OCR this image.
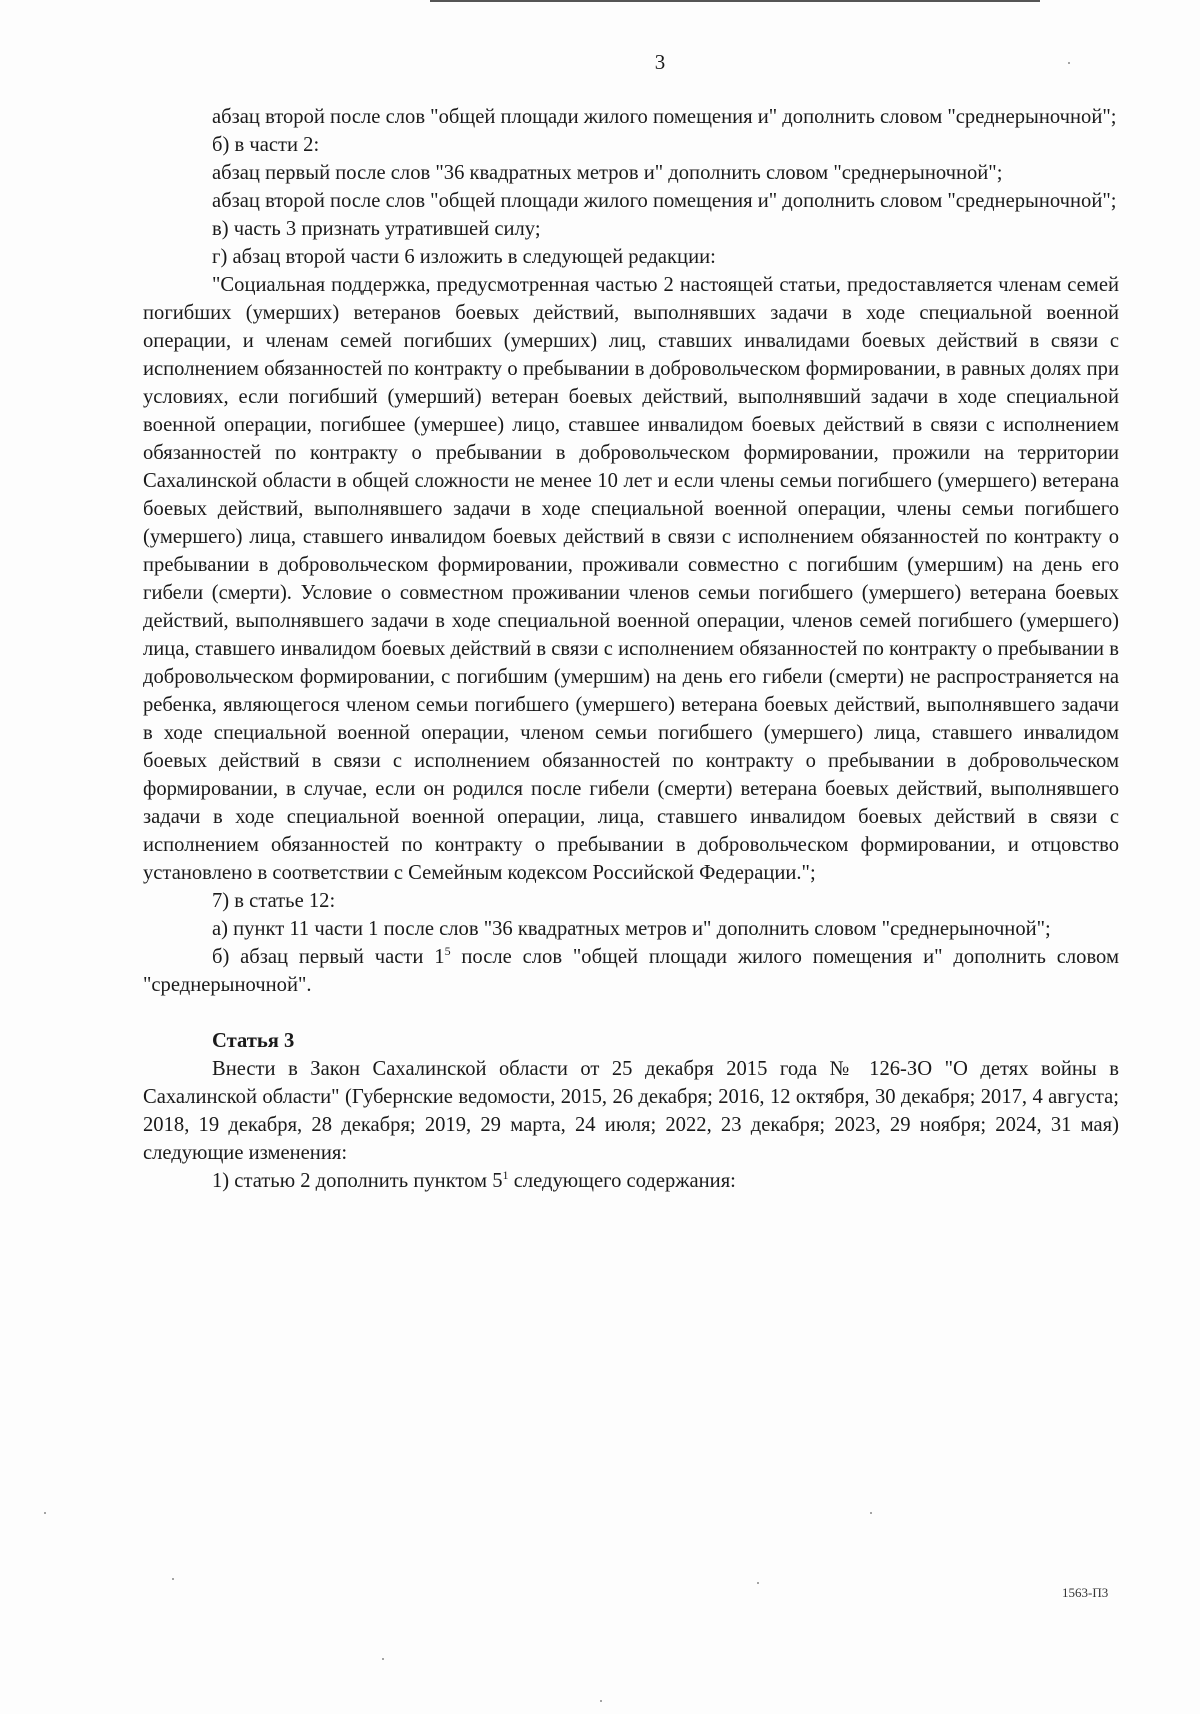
3

абзац второй после слов "общей площади жилого помещения и" дополнить словом "среднерыночной";

б) в части 2:

абзац первый после слов "36 квадратных метров и" дополнить словом "среднерыночной";

абзац второй после слов "общей площади жилого помещения и" дополнить словом "среднерыночной";

в) часть 3 признать утратившей силу;

г) абзац второй части 6 изложить в следующей редакции:

"Социальная поддержка, предусмотренная частью 2 настоящей статьи, предоставляется членам семей погибших (умерших) ветеранов боевых действий, выполнявших задачи в ходе специальной военной операции, и членам семей погибших (умерших) лиц, ставших инвалидами боевых действий в связи с исполнением обязанностей по контракту о пребывании в добровольческом формировании, в равных долях при условиях, если погибший (умерший) ветеран боевых действий, выполнявший задачи в ходе специальной военной операции, погибшее (умершее) лицо, ставшее инвалидом боевых действий в связи с исполнением обязанностей по контракту о пребывании в добровольческом формировании, прожили на территории Сахалинской области в общей сложности не менее 10 лет и если члены семьи погибшего (умершего) ветерана боевых действий, выполнявшего задачи в ходе специальной военной операции, члены семьи погибшего (умершего) лица, ставшего инвалидом боевых действий в связи с исполнением обязанностей по контракту о пребывании в добровольческом формировании, проживали совместно с погибшим (умершим) на день его гибели (смерти). Условие о совместном проживании членов семьи погибшего (умершего) ветерана боевых действий, выполнявшего задачи в ходе специальной военной операции, членов семей погибшего (умершего) лица, ставшего инвалидом боевых действий в связи с исполнением обязанностей по контракту о пребывании в добровольческом формировании, с погибшим (умершим) на день его гибели (смерти) не распространяется на ребенка, являющегося членом семьи погибшего (умершего) ветерана боевых действий, выполнявшего задачи в ходе специальной военной операции, членом семьи погибшего (умершего) лица, ставшего инвалидом боевых действий в связи с исполнением обязанностей по контракту о пребывании в добровольческом формировании, в случае, если он родился после гибели (смерти) ветерана боевых действий, выполнявшего задачи в ходе специальной военной операции, лица, ставшего инвалидом боевых действий в связи с исполнением обязанностей по контракту о пребывании в добровольческом формировании, и отцовство установлено в соответствии с Семейным кодексом Российской Федерации.";

7) в статье 12:

а) пункт 11 части 1 после слов "36 квадратных метров и" дополнить словом "среднерыночной";

б) абзац первый части $1^5$ после слов "общей площади жилого помещения и" дополнить словом "среднерыночной".

Статья 3

Внести в Закон Сахалинской области от 25 декабря 2015 года № 126-ЗО "О детях войны в Сахалинской области" (Губернские ведомости, 2015, 26 декабря; 2016, 12 октября, 30 декабря; 2017, 4 августа; 2018, 19 декабря, 28 декабря; 2019, 29 марта, 24 июля; 2022, 23 декабря; 2023, 29 ноября; 2024, 31 мая) следующие изменения:

1) статью 2 дополнить пунктом $5^1$ следующего содержания:

1563-П3
